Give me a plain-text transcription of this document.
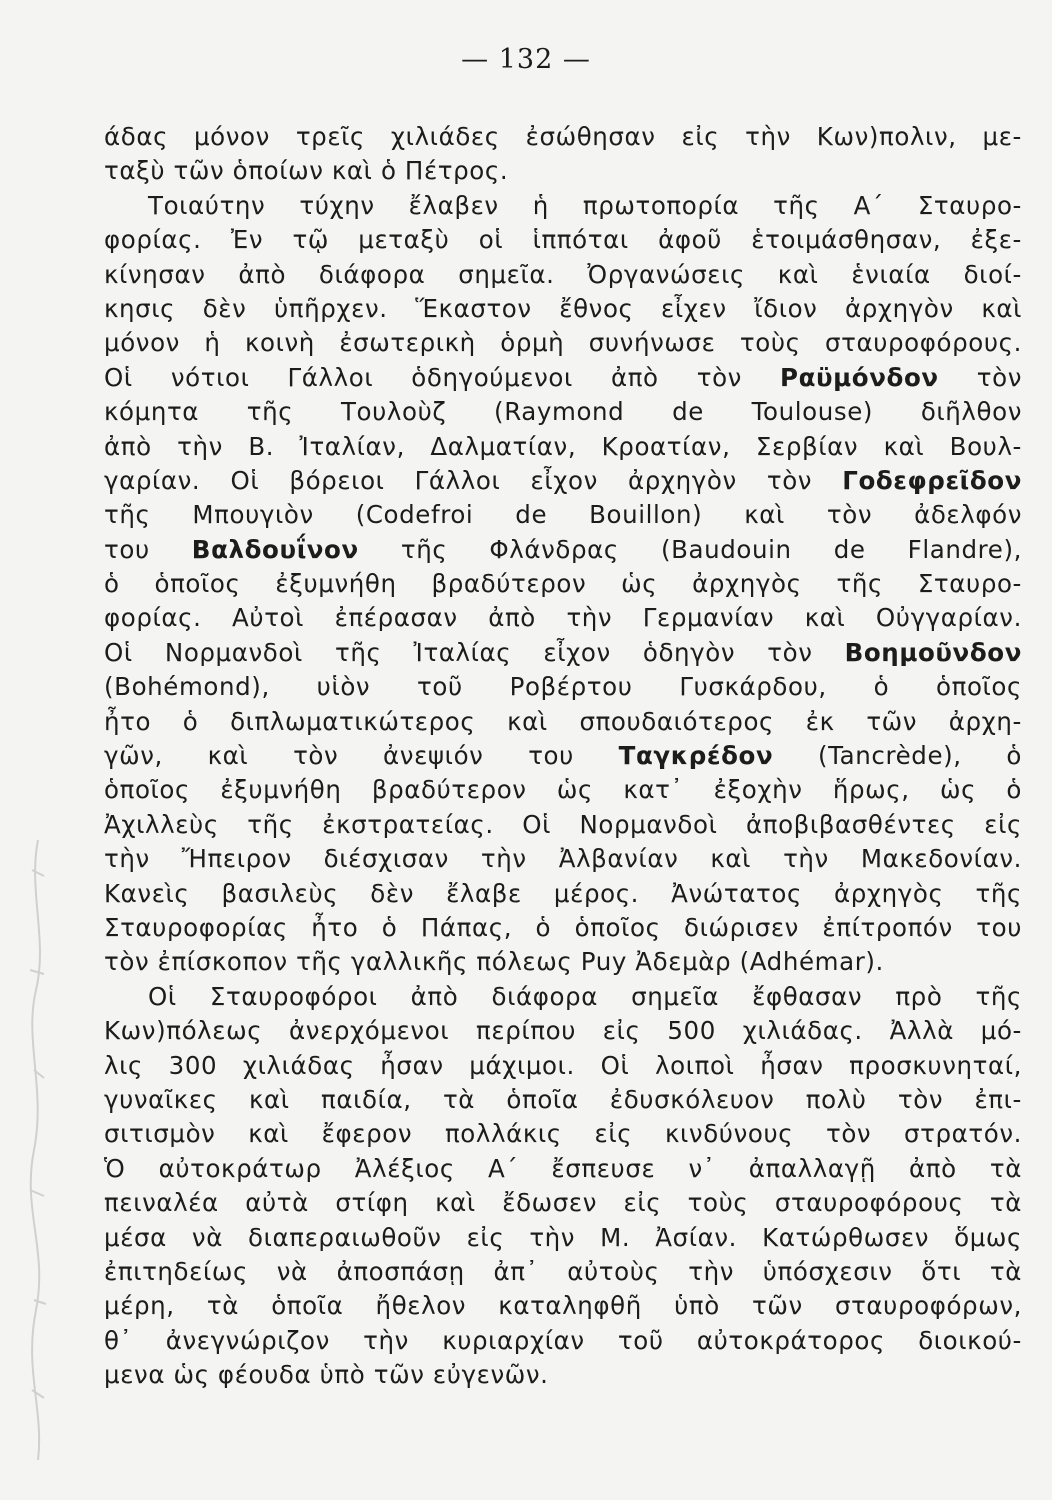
— 132 —
άδας μόνον τρεῖς χιλιάδες ἐσώθησαν εἰς τὴν Κων)πολιν, με-
ταξὺ τῶν ὁποίων καὶ ὁ Πέτρος.
Τοιαύτην τύχην ἔλαβεν ἡ πρωτοπορία τῆς Α΄ Σταυρο-
φορίας. Ἐν τῷ μεταξὺ οἱ ἱππόται ἀφοῦ ἑτοιμάσθησαν, ἐξε-
κίνησαν ἀπὸ διάφορα σημεῖα. Ὀργανώσεις καὶ ἑνιαία διοί-
κησις δὲν ὑπῆρχεν. Ἕκαστον ἔθνος εἶχεν ἴδιον ἀρχηγὸν καὶ
μόνον ἡ κοινὴ ἐσωτερικὴ ὁρμὴ συνήνωσε τοὺς σταυροφόρους.
Οἱ νότιοι Γάλλοι ὁδηγούμενοι ἀπὸ τὸν Ραϋμόνδον τὸν
κόμητα τῆς Τουλοὺζ (Raymond de Toulouse) διῆλθον
ἀπὸ τὴν Β. Ἰταλίαν, Δαλματίαν, Κροατίαν, Σερβίαν καὶ Βουλ-
γαρίαν. Οἱ βόρειοι Γάλλοι εἶχον ἀρχηγὸν τὸν Γοδεφρεῖδον
τῆς Μπουγιὸν (Codefroi de Bouillon) καὶ τὸν ἀδελφόν
του Βαλδουΐνον τῆς Φλάνδρας (Baudouin de Flandre),
ὁ ὁποῖος ἐξυμνήθη βραδύτερον ὡς ἀρχηγὸς τῆς Σταυρο-
φορίας. Αὐτοὶ ἐπέρασαν ἀπὸ τὴν Γερμανίαν καὶ Οὐγγαρίαν.
Οἱ Νορμανδοὶ τῆς Ἰταλίας εἶχον ὁδηγὸν τὸν Βοημοῦνδον
(Bohémond), υἱὸν τοῦ Ροβέρτου Γυσκάρδου, ὁ ὁποῖος
ἦτο ὁ διπλωματικώτερος καὶ σπουδαιότερος ἐκ τῶν ἀρχη-
γῶν, καὶ τὸν ἀνεψιόν του Ταγκρέδον (Tancrède), ὁ
ὁποῖος ἐξυμνήθη βραδύτερον ὡς κατ᾿ ἐξοχὴν ἥρως, ὡς ὁ
Ἀχιλλεὺς τῆς ἐκστρατείας. Οἱ Νορμανδοὶ ἀποβιβασθέντες εἰς
τὴν Ἤπειρον διέσχισαν τὴν Ἀλβανίαν καὶ τὴν Μακεδονίαν.
Κανεὶς βασιλεὺς δὲν ἔλαβε μέρος. Ἀνώτατος ἀρχηγὸς τῆς
Σταυροφορίας ἦτο ὁ Πάπας, ὁ ὁποῖος διώρισεν ἐπίτροπόν του
τὸν ἐπίσκοπον τῆς γαλλικῆς πόλεως Puy Ἀδεμὰρ (Adhémar).
Οἱ Σταυροφόροι ἀπὸ διάφορα σημεῖα ἔφθασαν πρὸ τῆς
Κων)πόλεως ἀνερχόμενοι περίπου εἰς 500 χιλιάδας. Ἀλλὰ μό-
λις 300 χιλιάδας ἦσαν μάχιμοι. Οἱ λοιποὶ ἦσαν προσκυνηταί,
γυναῖκες καὶ παιδία, τὰ ὁποῖα ἐδυσκόλευον πολὺ τὸν ἐπι-
σιτισμὸν καὶ ἔφερον πολλάκις εἰς κινδύνους τὸν στρατόν.
Ὁ αὐτοκράτωρ Ἀλέξιος Α΄ ἔσπευσε ν᾿ ἀπαλλαγῇ ἀπὸ τὰ
πειναλέα αὐτὰ στίφη καὶ ἔδωσεν εἰς τοὺς σταυροφόρους τὰ
μέσα νὰ διαπεραιωθοῦν εἰς τὴν Μ. Ἀσίαν. Κατώρθωσεν ὅμως
ἐπιτηδείως νὰ ἀποσπάσῃ ἀπ᾿ αὐτοὺς τὴν ὑπόσχεσιν ὅτι τὰ
μέρη, τὰ ὁποῖα ἤθελον καταληφθῆ ὑπὸ τῶν σταυροφόρων,
θ᾿ ἀνεγνώριζον τὴν κυριαρχίαν τοῦ αὐτοκράτορος διοικού-
μενα ὡς φέουδα ὑπὸ τῶν εὐγενῶν.
